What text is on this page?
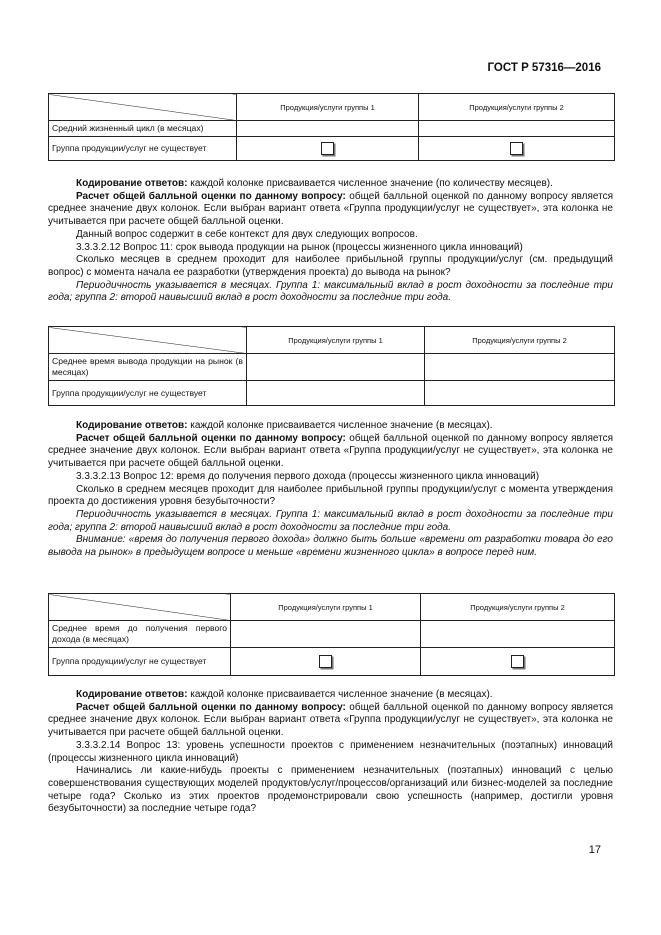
ГОСТ Р 57316—2016
	Продукция/услуги группы 1	Продукция/услуги группы 2
Средний жизненный цикл (в месяцах)		
Группа продукции/услуг не существует		

Кодирование ответов: каждой колонке присваивается численное значение (по количеству месяцев).

Расчет общей балльной оценки по данному вопросу: общей балльной оценкой по данному вопросу является среднее значение двух колонок. Если выбран вариант ответа «Группа продукции/услуг не существует», эта колонка не учитывается при расчете общей балльной оценки.

Данный вопрос содержит в себе контекст для двух следующих вопросов.

3.3.3.2.12 Вопрос 11: срок вывода продукции на рынок (процессы жизненного цикла инноваций)

Сколько месяцев в среднем проходит для наиболее прибыльной группы продукции/услуг (см. предыдущий вопрос) с момента начала ее разработки (утверждения проекта) до вывода на рынок?

Периодичность указывается в месяцах. Группа 1: максимальный вклад в рост доходности за последние три года; группа 2: второй наивысший вклад в рост доходности за последние три года.

	Продукция/услуги группы 1	Продукция/услуги группы 2
Среднее время вывода продукции на рынок (в месяцах)		
Группа продукции/услуг не существует		

Кодирование ответов: каждой колонке присваивается численное значение (в месяцах).

Расчет общей балльной оценки по данному вопросу: общей балльной оценкой по данному вопросу является среднее значение двух колонок. Если выбран вариант ответа «Группа продукции/услуг не существует», эта колонка не учитывается при расчете общей балльной оценки.

3.3.3.2.13 Вопрос 12: время до получения первого дохода (процессы жизненного цикла инноваций)

Сколько в среднем месяцев проходит для наиболее прибыльной группы продукции/услуг с момента утверждения проекта до достижения уровня безубыточности?

Периодичность указывается в месяцах. Группа 1: максимальный вклад в рост доходности за последние три года; группа 2: второй наивысший вклад в рост доходности за последние три года.

Внимание: «время до получения первого дохода» должно быть больше «времени от разработки товара до его вывода на рынок» в предыдущем вопросе и меньше «времени жизненного цикла» в вопросе перед ним.

	Продукция/услуги группы 1	Продукция/услуги группы 2
Среднее время до получения первого дохода (в месяцах)		
Группа продукции/услуг не существует		

Кодирование ответов: каждой колонке присваивается численное значение (в месяцах).

Расчет общей балльной оценки по данному вопросу: общей балльной оценкой по данному вопросу является среднее значение двух колонок. Если выбран вариант ответа «Группа продукции/услуг не существует», эта колонка не учитывается при расчете общей балльной оценки.

3.3.3.2.14 Вопрос 13: уровень успешности проектов с применением незначительных (поэтапных) инноваций (процессы жизненного цикла инноваций)

Начинались ли какие-нибудь проекты с применением незначительных (поэтапных) инноваций с целью совершенствования существующих моделей продуктов/услуг/процессов/организаций или бизнес-моделей за последние четыре года? Сколько из этих проектов продемонстрировали свою успешность (например, достигли уровня безубыточности) за последние четыре года?

17
